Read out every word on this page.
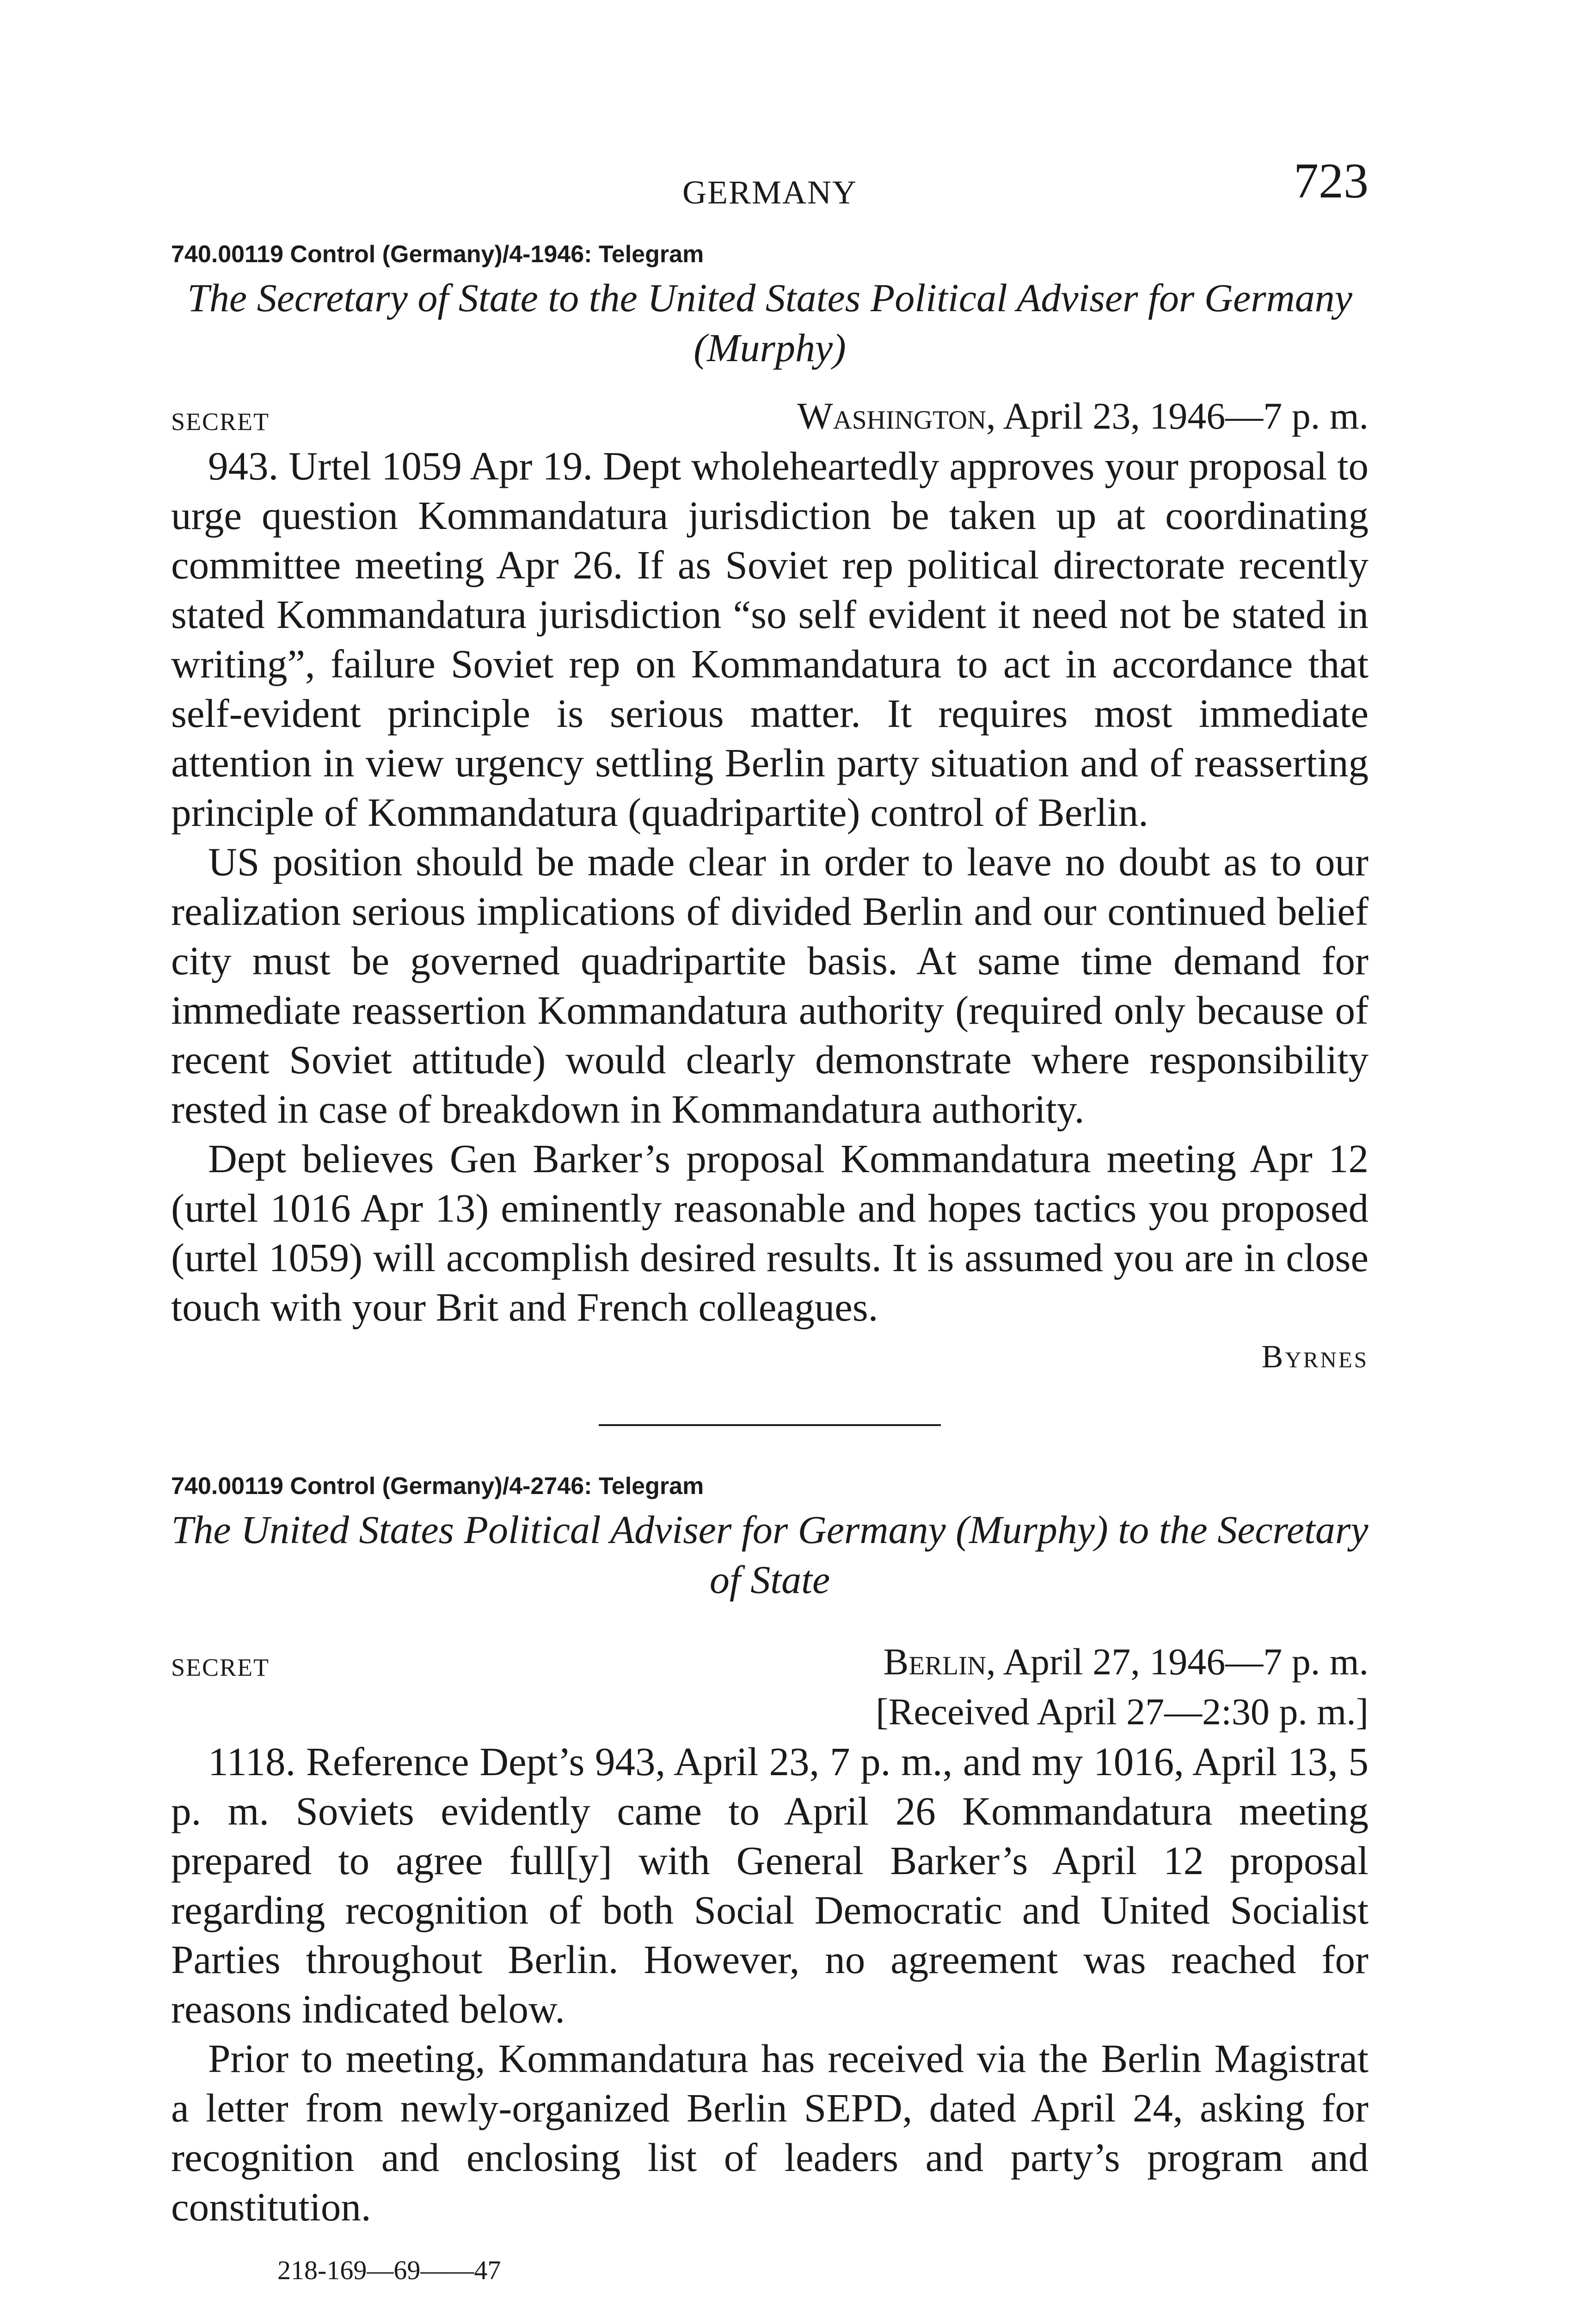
GERMANY	723
740.00119 Control (Germany)/4-1946: Telegram

The Secretary of State to the United States Political Adviser for Germany (Murphy)

SECRET	Washington, April 23, 1946—7 p. m.

943. Urtel 1059 Apr 19. Dept wholeheartedly approves your proposal to urge question Kommandatura jurisdiction be taken up at coordinating committee meeting Apr 26. If as Soviet rep political directorate recently stated Kommandatura jurisdiction “so self evident it need not be stated in writing”, failure Soviet rep on Kommandatura to act in accordance that self-evident principle is serious matter. It requires most immediate attention in view urgency settling Berlin party situation and of reasserting principle of Kommandatura (quadripartite) control of Berlin.

US position should be made clear in order to leave no doubt as to our realization serious implications of divided Berlin and our continued belief city must be governed quadripartite basis. At same time demand for immediate reassertion Kommandatura authority (required only because of recent Soviet attitude) would clearly demonstrate where responsibility rested in case of breakdown in Kommandatura authority.

Dept believes Gen Barker’s proposal Kommandatura meeting Apr 12 (urtel 1016 Apr 13) eminently reasonable and hopes tactics you proposed (urtel 1059) will accomplish desired results. It is assumed you are in close touch with your Brit and French colleagues.

Byrnes

740.00119 Control (Germany)/4-2746: Telegram

The United States Political Adviser for Germany (Murphy) to the Secretary of State

SECRET	Berlin, April 27, 1946—7 p. m.
[Received April 27—2:30 p. m.]

1118. Reference Dept’s 943, April 23, 7 p. m., and my 1016, April 13, 5 p. m. Soviets evidently came to April 26 Kommandatura meeting prepared to agree full[y] with General Barker’s April 12 proposal regarding recognition of both Social Democratic and United Socialist Parties throughout Berlin. However, no agreement was reached for reasons indicated below.

Prior to meeting, Kommandatura has received via the Berlin Magistrat a letter from newly-organized Berlin SEPD, dated April 24, asking for recognition and enclosing list of leaders and party’s program and constitution.

218-169—69——47
